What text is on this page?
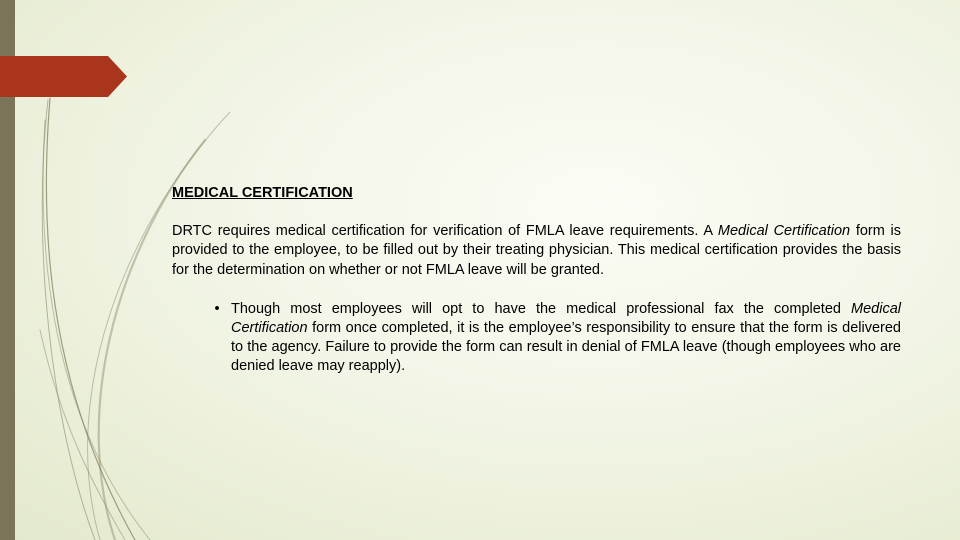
MEDICAL CERTIFICATION

DRTC requires medical certification for verification of FMLA leave requirements. A Medical Certification form is provided to the employee, to be filled out by their treating physician. This medical certification provides the basis for the determination on whether or not FMLA leave will be granted.

• Though most employees will opt to have the medical professional fax the completed Medical Certification form once completed, it is the employee’s responsibility to ensure that the form is delivered to the agency. Failure to provide the form can result in denial of FMLA leave (though employees who are denied leave may reapply).
